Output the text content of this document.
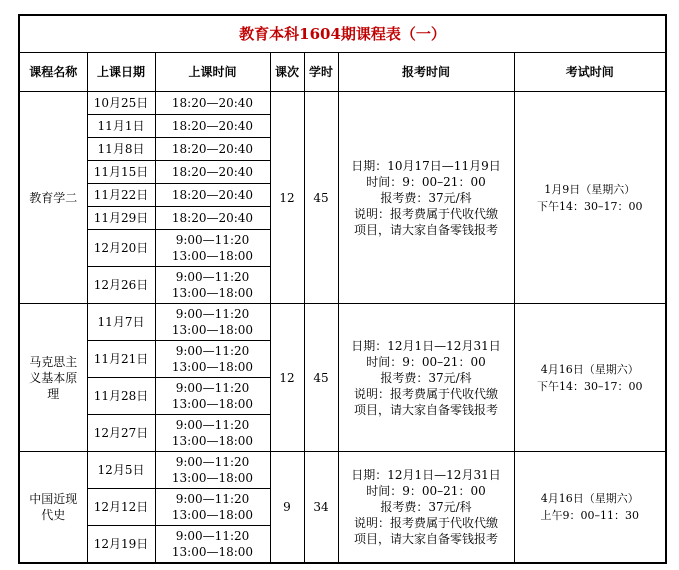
教育本科1604期课程表（一）						
课程名称	上课日期	上课时间	课次	学时	报考时间	考试时间

教育学二	10月25日	18:20—20:40	12	45	日期：10月17日—11月9日
时间：9：00–21：00
报考费：37元/科
说明：报考费属于代收代缴
项目，请大家自备零钱报考	1月9日（星期六）
下午14：30–17：00

	11月1日	18:20—20:40				

	11月8日	18:20—20:40				

	11月15日	18:20—20:40				

	11月22日	18:20—20:40				

	11月29日	18:20—20:40				

	12月20日	9:00—11:20
13:00—18:00				

	12月26日	9:00—11:20
13:00—18:00				

马克思主
义基本原
理	11月7日	9:00—11:20
13:00—18:00	12	45	日期：12月1日—12月31日
时间：9：00–21：00
报考费：37元/科
说明：报考费属于代收代缴
项目，请大家自备零钱报考	4月16日（星期六）
下午14：30–17：00

	11月21日	9:00—11:20
13:00—18:00				

	11月28日	9:00—11:20
13:00—18:00				

	12月27日	9:00—11:20
13:00—18:00				

中国近现
代史	12月5日	9:00—11:20
13:00—18:00	9	34	日期：12月1日—12月31日
时间：9：00–21：00
报考费：37元/科
说明：报考费属于代收代缴
项目，请大家自备零钱报考	4月16日（星期六）
上午9：00–11：30

	12月12日	9:00—11:20
13:00—18:00				

	12月19日	9:00—11:20
13:00—18:00				
